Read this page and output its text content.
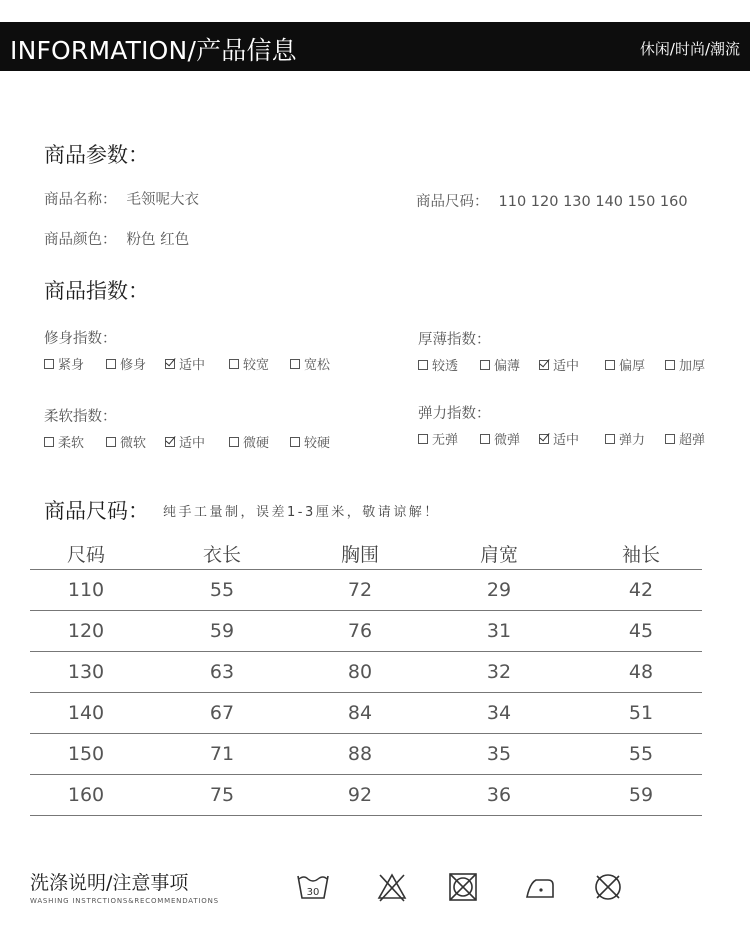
INFORMATION/产品信息	休闲/时尚/潮流
商品参数：
商品名称： 毛领呢大衣	商品尺码： 110 120 130 140 150 160
商品颜色： 粉色 红色
商品指数：
修身指数：
紧身	修身	适中	较宽	宽松
厚薄指数：
较透	偏薄	适中	偏厚	加厚
柔软指数：
柔软	微软	适中	微硬	较硬
弹力指数：
无弹	微弹	适中	弹力	超弹
商品尺码： 纯手工量制，误差1-3厘米，敬请谅解！
尺码	衣长	胸围	肩宽	袖长
110	55	72	29	42
120	59	76	31	45
130	63	80	32	48
140	67	84	34	51
150	71	88	35	55
160	75	92	36	59
洗涤说明/注意事项
WASHING INSTRCTIONS&RECOMMENDATIONS
30
